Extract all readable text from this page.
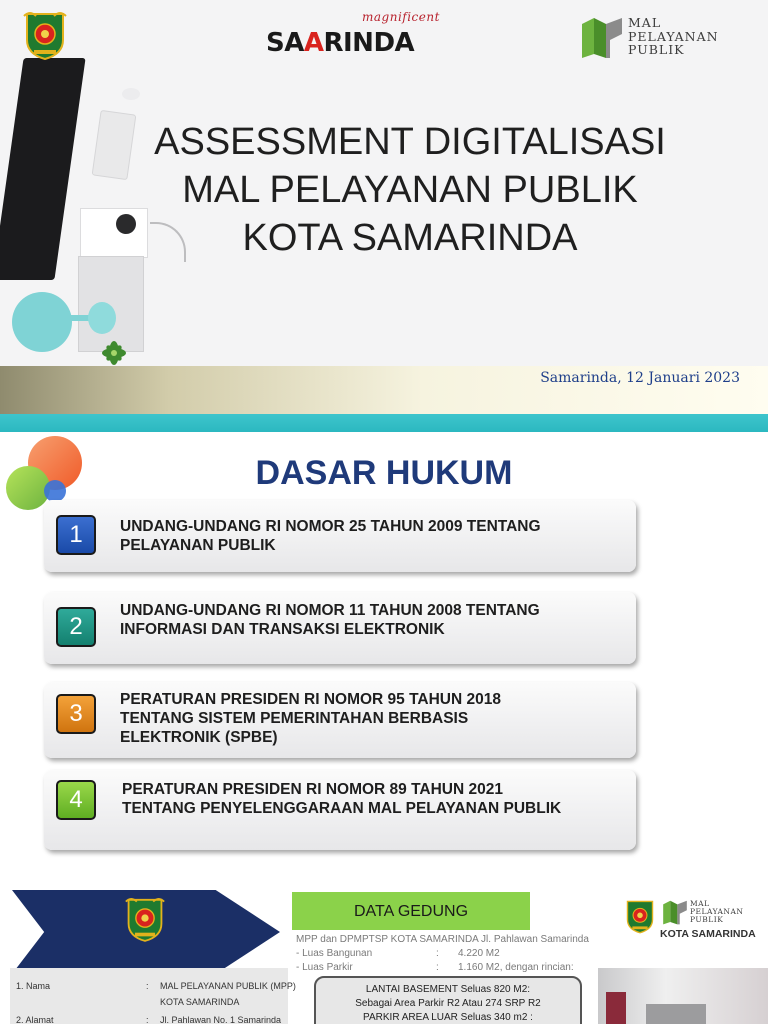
magnificent
SAARINDA
MAL
PELAYANAN
PUBLIK
ASSESSMENT DIGITALISASI
MAL PELAYANAN PUBLIK
KOTA SAMARINDA
Samarinda, 12 Januari 2023
DASAR HUKUM
1	UNDANG-UNDANG RI NOMOR 25 TAHUN 2009 TENTANG
PELAYANAN PUBLIK
2
UNDANG-UNDANG RI NOMOR 11 TAHUN 2008 TENTANG
INFORMASI DAN TRANSAKSI ELEKTRONIK
3
PERATURAN PRESIDEN RI NOMOR 95 TAHUN 2018
TENTANG SISTEM PEMERINTAHAN BERBASIS
ELEKTRONIK (SPBE)
4	PERATURAN PRESIDEN RI NOMOR 89 TAHUN 2021
TENTANG PENYELENGGARAAN MAL PELAYANAN PUBLIK
1. Nama	: MAL PELAYANAN PUBLIK (MPP)
KOTA SAMARINDA
2. Alamat	: Jl. Pahlawan No. 1 Samarinda
DATA GEDUNG
MPP dan DPMPTSP KOTA SAMARINDA Jl. Pahlawan Samarinda
- Luas Bangunan	: 4.220 M2
- Luas Parkir	: 1.160 M2, dengan rincian:
LANTAI BASEMENT Seluas 820 M2:
Sebagai Area Parkir R2 Atau 274 SRP R2
PARKIR AREA LUAR Seluas 340 m2 :
MAL
PELAYANAN
PUBLIK
KOTA SAMARINDA
